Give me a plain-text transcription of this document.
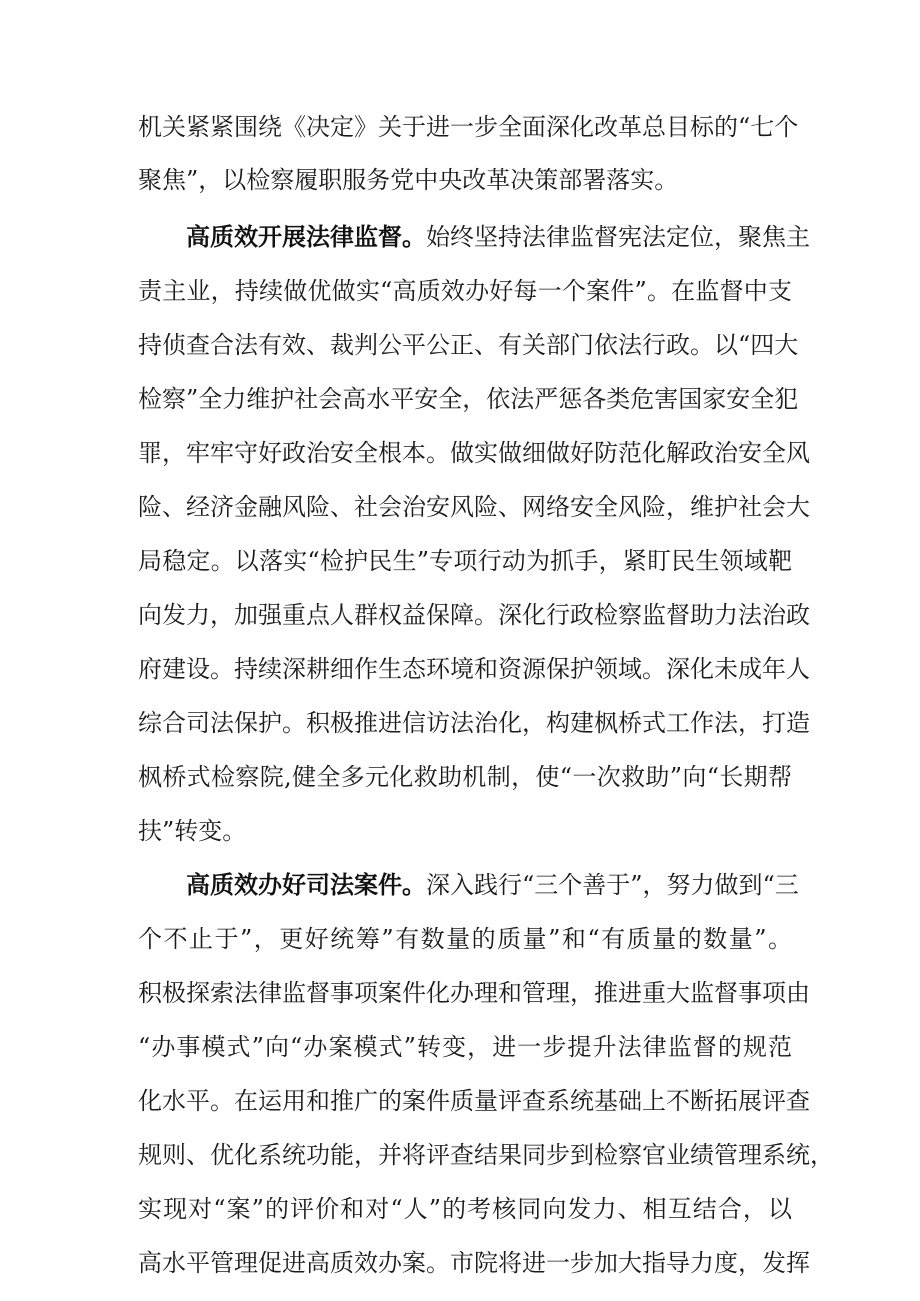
机关紧紧围绕《决定》关于进一步全面深化改革总目标的“七个
聚焦”，以检察履职服务党中央改革决策部署落实。
高质效开展法律监督。始终坚持法律监督宪法定位，聚焦主
责主业，持续做优做实“高质效办好每一个案件”。在监督中支
持侦查合法有效、裁判公平公正、有关部门依法行政。以“四大
检察”全力维护社会高水平安全，依法严惩各类危害国家安全犯
罪，牢牢守好政治安全根本。做实做细做好防范化解政治安全风
险、经济金融风险、社会治安风险、网络安全风险，维护社会大
局稳定。以落实“检护民生”专项行动为抓手，紧盯民生领域靶
向发力，加强重点人群权益保障。深化行政检察监督助力法治政
府建设。持续深耕细作生态环境和资源保护领域。深化未成年人
综合司法保护。积极推进信访法治化，构建枫桥式工作法，打造
枫桥式检察院,健全多元化救助机制，使“一次救助”向“长期帮
扶”转变。
高质效办好司法案件。深入践行“三个善于”，努力做到“三
个不止于”，更好统筹”有数量的质量”和“有质量的数量”。
积极探索法律监督事项案件化办理和管理，推进重大监督事项由
“办事模式”向“办案模式”转变，进一步提升法律监督的规范
化水平。在运用和推广的案件质量评查系统基础上不断拓展评查
规则、优化系统功能，并将评查结果同步到检察官业绩管理系统，
实现对“案”的评价和对“人”的考核同向发力、相互结合，以
高水平管理促进高质效办案。市院将进一步加大指导力度，发挥
